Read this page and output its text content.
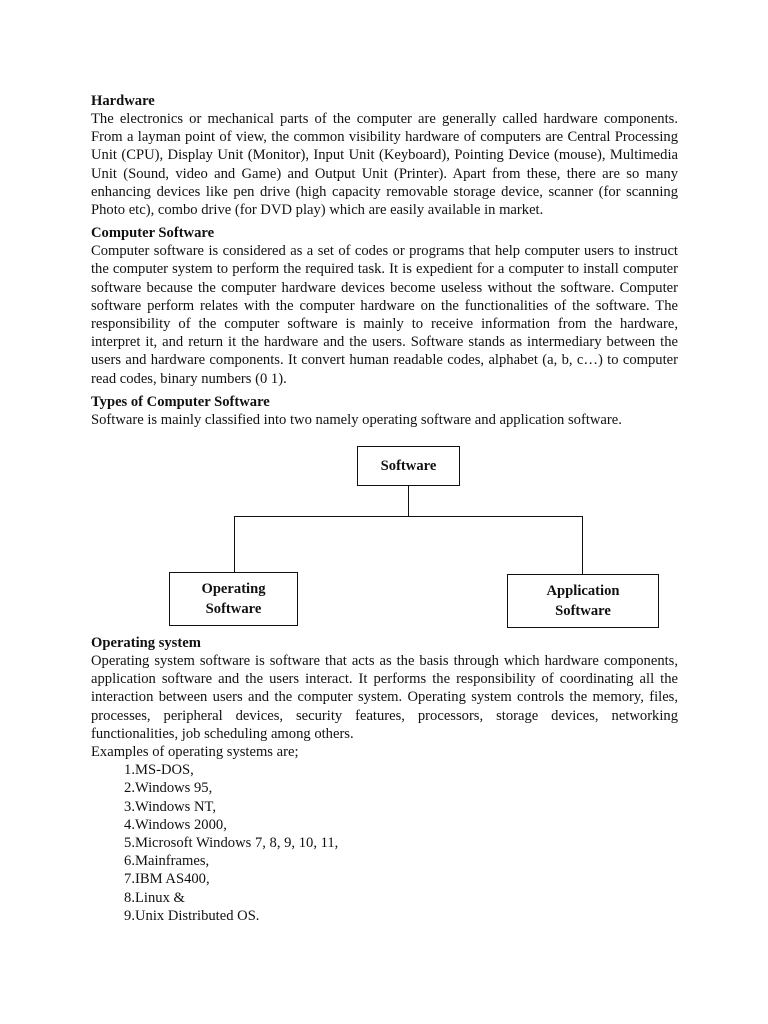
Hardware

The electronics or mechanical parts of the computer are generally called hardware components. From a layman point of view, the common visibility hardware of computers are Central Processing Unit (CPU), Display Unit (Monitor), Input Unit (Keyboard), Pointing Device (mouse), Multimedia Unit (Sound, video and Game) and Output Unit (Printer). Apart from these, there are so many enhancing devices like pen drive (high capacity removable storage device, scanner (for scanning Photo etc), combo drive (for DVD play) which are easily available in market.

Computer Software

Computer software is considered as a set of codes or programs that help computer users to instruct the computer system to perform the required task. It is expedient for a computer to install computer software because the computer hardware devices become useless without the software. Computer software perform relates with the computer hardware on the functionalities of the software. The responsibility of the computer software is mainly to receive information from the hardware, interpret it, and return it the hardware and the users. Software stands as intermediary between the users and hardware components. It convert human readable codes, alphabet (a, b, c…) to computer read codes, binary numbers (0 1).

Types of Computer Software

Software is mainly classified into two namely operating software and application software.

Software
Operating
Software
Application
Software

Operating system

Operating system software is software that acts as the basis through which hardware components, application software and the users interact. It performs the responsibility of coordinating all the interaction between users and the computer system. Operating system controls the memory, files, processes, peripheral devices, security features, processors, storage devices, networking functionalities, job scheduling among others.

Examples of operating systems are;

1. MS-DOS,
2. Windows 95,
3. Windows NT,
4. Windows 2000,
5. Microsoft Windows 7, 8, 9, 10, 11,
6. Mainframes,
7. IBM AS400,
8. Linux &
9. Unix Distributed OS.
